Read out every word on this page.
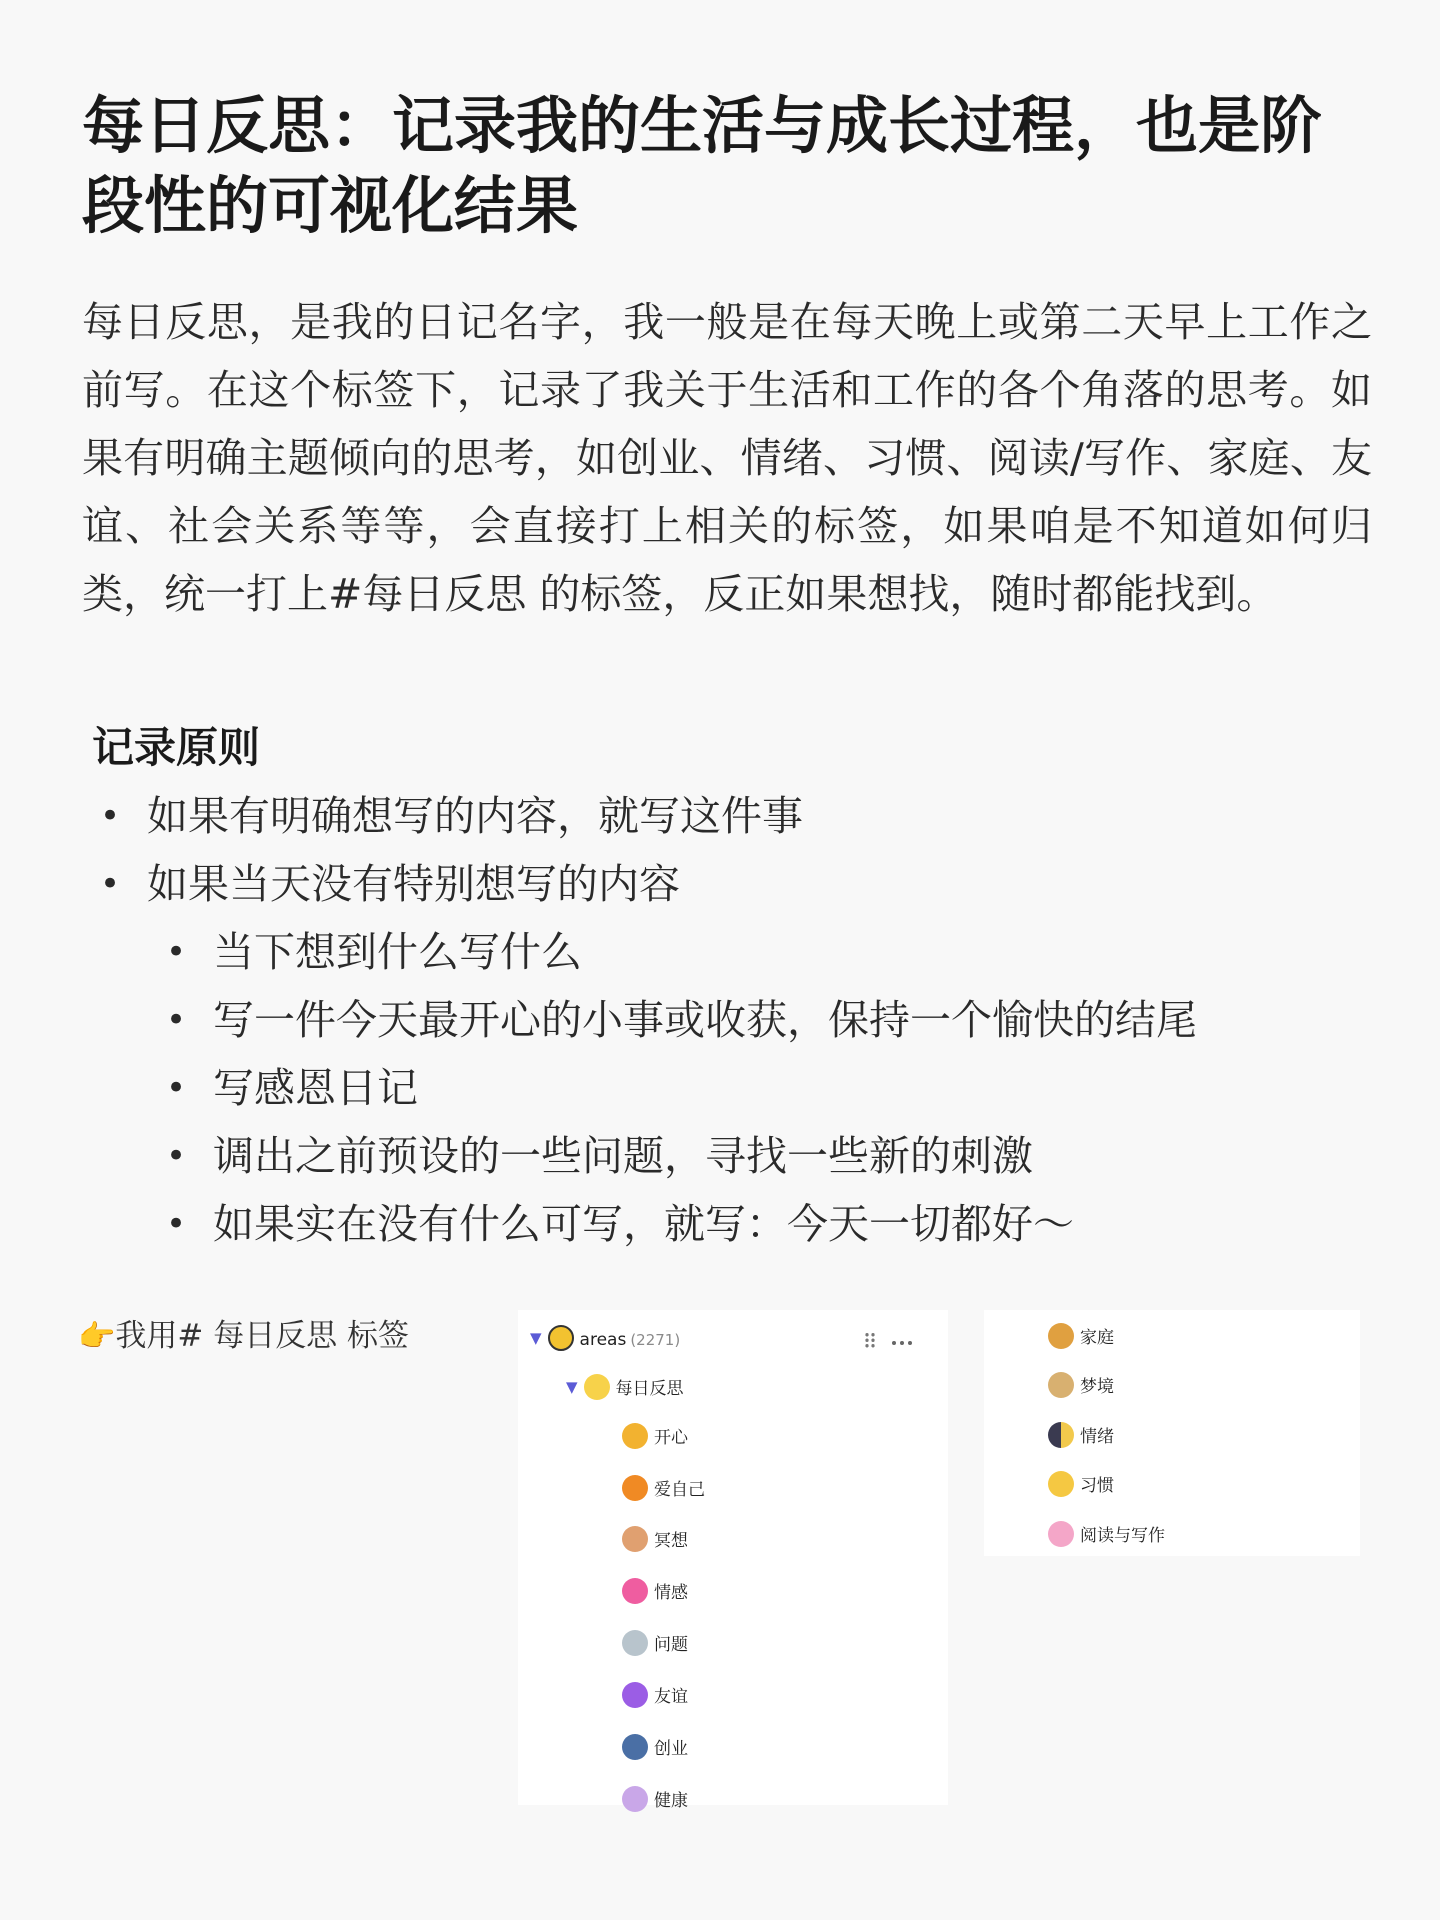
每日反思：记录我的生活与成长过程，也是阶段性的可视化结果

每日反思，是我的日记名字，我一般是在每天晚上或第二天早上工作之前写。在这个标签下，记录了我关于生活和工作的各个角落的思考。如果有明确主题倾向的思考，如创业、情绪、习惯、阅读/写作、家庭、友谊、社会关系等等，会直接打上相关的标签，如果咱是不知道如何归类，统一打上#每日反思 的标签，反正如果想找，随时都能找到。

记录原则
• 如果有明确想写的内容，就写这件事
• 如果当天没有特别想写的内容
• 当下想到什么写什么
• 写一件今天最开心的小事或收获，保持一个愉快的结尾
• 写感恩日记
• 调出之前预设的一些问题，寻找一些新的刺激
• 如果实在没有什么可写，就写：今天一切都好～
👉我用# 每日反思 标签	▼ areas (2271)
▼ 每日反思
开心
爱自己
冥想
情感
问题
友谊
创业
健康
家庭
梦境
情绪
习惯
阅读与写作
